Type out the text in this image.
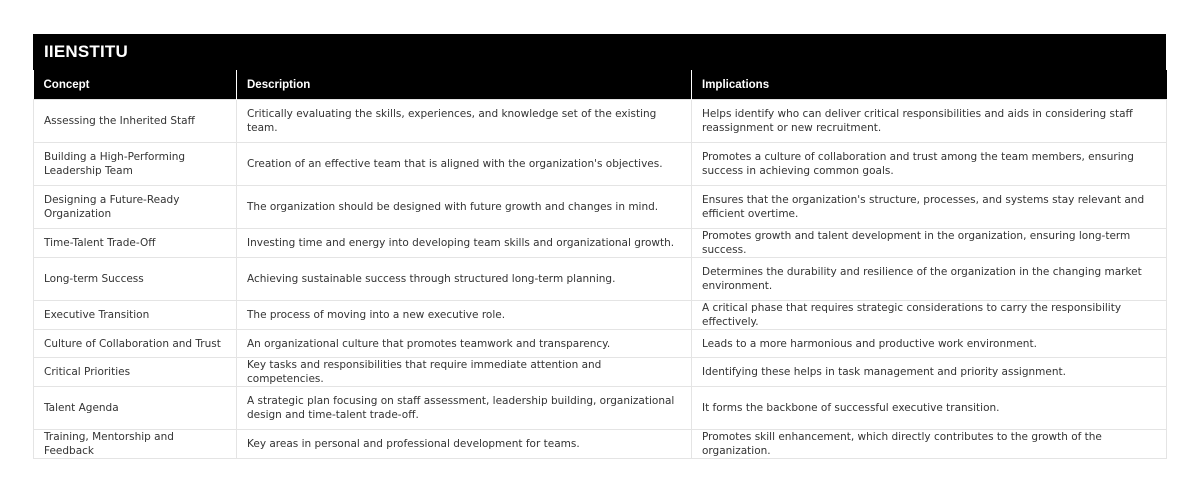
IIENSTITU
Concept	Description	Implications
Assessing the Inherited Staff	Critically evaluating the skills, experiences, and knowledge set of the existing team.	Helps identify who can deliver critical responsibilities and aids in considering staff reassignment or new recruitment.
Building a High-Performing Leadership Team	Creation of an effective team that is aligned with the organization's objectives.	Promotes a culture of collaboration and trust among the team members, ensuring success in achieving common goals.
Designing a Future-Ready Organization	The organization should be designed with future growth and changes in mind.	Ensures that the organization's structure, processes, and systems stay relevant and efficient overtime.
Time-Talent Trade-Off	Investing time and energy into developing team skills and organizational growth.	Promotes growth and talent development in the organization, ensuring long-term success.
Long-term Success	Achieving sustainable success through structured long-term planning.	Determines the durability and resilience of the organization in the changing market environment.
Executive Transition	The process of moving into a new executive role.	A critical phase that requires strategic considerations to carry the responsibility effectively.
Culture of Collaboration and Trust	An organizational culture that promotes teamwork and transparency.	Leads to a more harmonious and productive work environment.
Critical Priorities	Key tasks and responsibilities that require immediate attention and competencies.	Identifying these helps in task management and priority assignment.
Talent Agenda	A strategic plan focusing on staff assessment, leadership building, organizational design and time-talent trade-off.	It forms the backbone of successful executive transition.
Training, Mentorship and Feedback	Key areas in personal and professional development for teams.	Promotes skill enhancement, which directly contributes to the growth of the organization.
